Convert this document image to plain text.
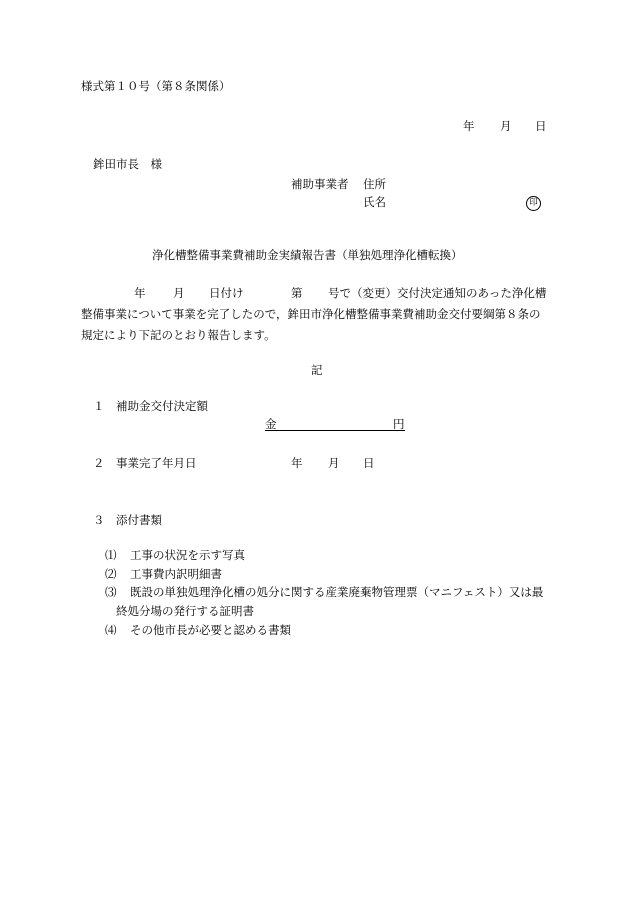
様式第１０号（第８条関係）
年 月 日
鉾田市長　様
補助事業者 住所
氏名	印
浄化槽整備事業費補助金実績報告書（単独処理浄化槽転換）
年 月 日付け	第 号で（変更）交付決定通知のあった浄化槽
整備事業について事業を完了したので，鉾田市浄化槽整備事業費補助金交付要綱第８条の
規定により下記のとおり報告します。
記
１ 補助金交付決定額
金	円
２ 事業完了年月日	年 月 日
３ 添付書類
⑴ 工事の状況を示す写真
⑵ 工事費内訳明細書
⑶ 既設の単独処理浄化槽の処分に関する産業廃棄物管理票（マニフェスト）又は最
終処分場の発行する証明書
⑷ その他市長が必要と認める書類
